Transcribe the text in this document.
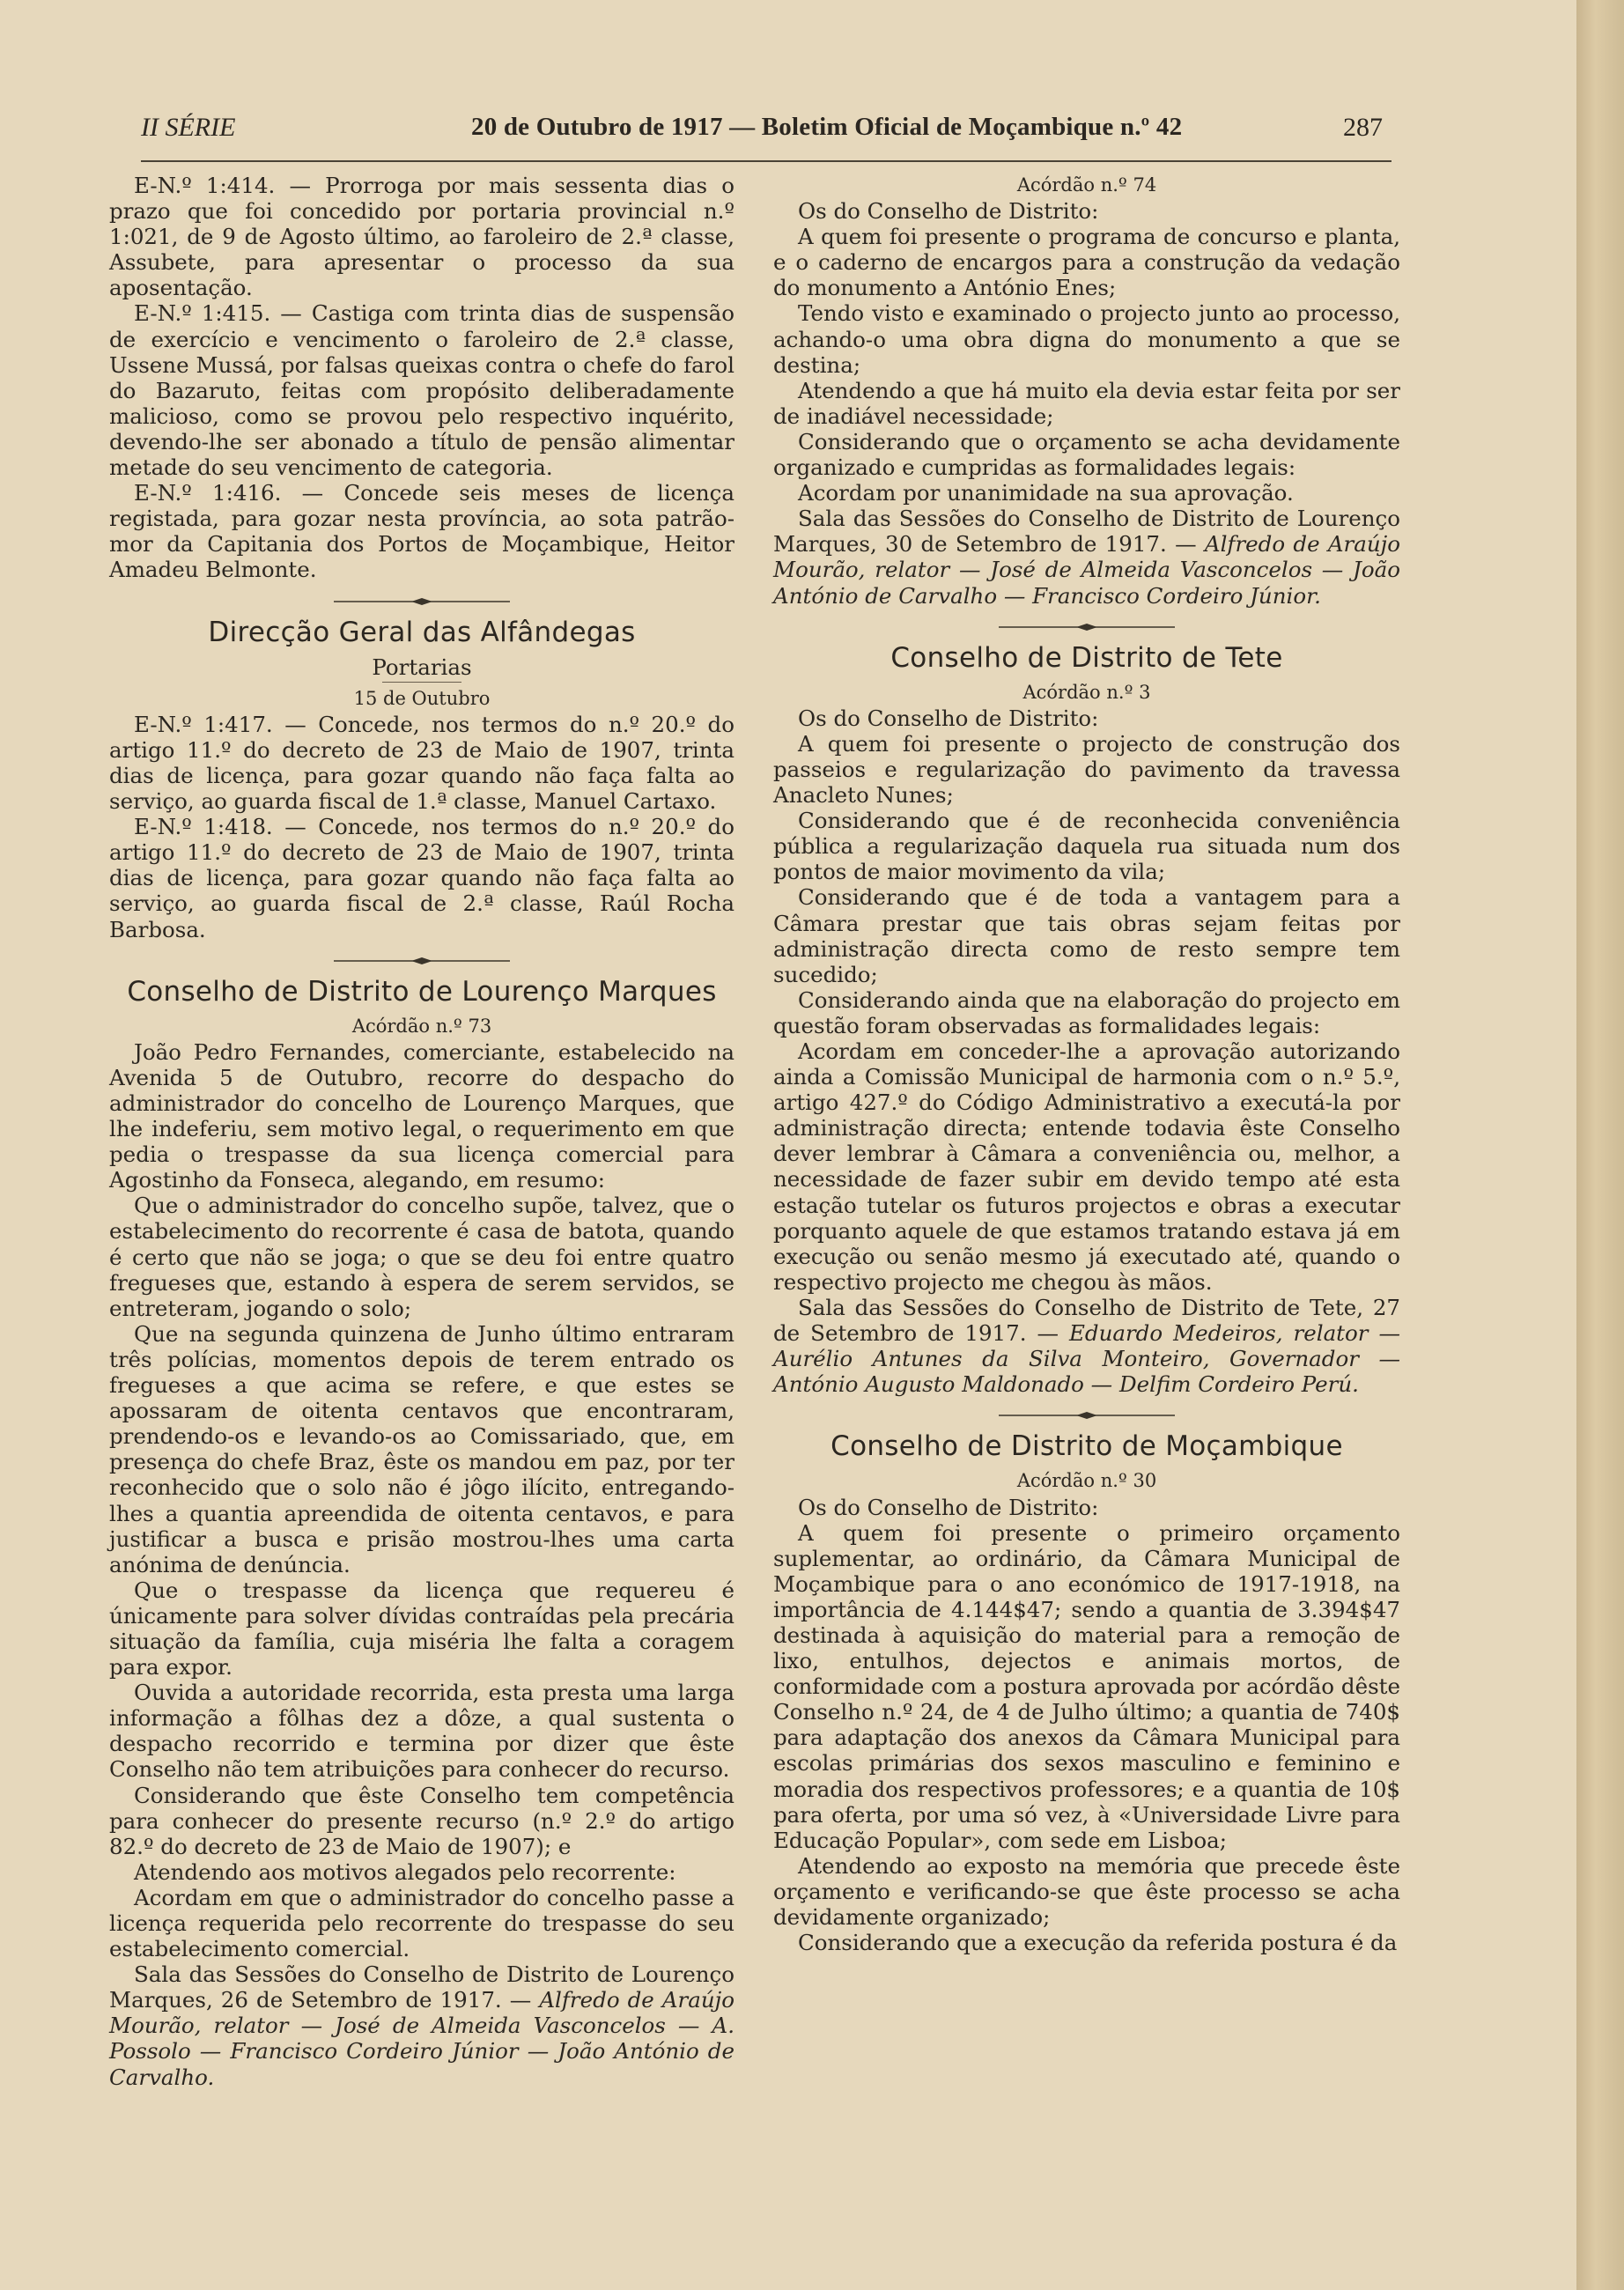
II SÉRIE	20 de Outubro de 1917 — Boletim Oficial de Moçambique n.º 42	287

E-N.º 1:414. — Prorroga por mais sessenta dias o prazo que foi concedido por portaria provincial n.º 1:021, de 9 de Agosto último, ao faroleiro de 2.ª classe, Assubete, para apresentar o processo da sua aposentação.

E-N.º 1:415. — Castiga com trinta dias de suspensão de exercício e vencimento o faroleiro de 2.ª classe, Ussene Mussá, por falsas queixas contra o chefe do farol do Bazaruto, feitas com propósito deliberadamente malicioso, como se provou pelo respectivo inquérito, devendo-lhe ser abonado a título de pensão alimentar metade do seu vencimento de categoria.

E-N.º 1:416. — Concede seis meses de licença registada, para gozar nesta província, ao sota patrão-mor da Capitania dos Portos de Moçambique, Heitor Amadeu Belmonte.

Direcção Geral das Alfândegas

Portarias

15 de Outubro

E-N.º 1:417. — Concede, nos termos do n.º 20.º do artigo 11.º do decreto de 23 de Maio de 1907, trinta dias de licença, para gozar quando não faça falta ao serviço, ao guarda fiscal de 1.ª classe, Manuel Cartaxo.

E-N.º 1:418. — Concede, nos termos do n.º 20.º do artigo 11.º do decreto de 23 de Maio de 1907, trinta dias de licença, para gozar quando não faça falta ao serviço, ao guarda fiscal de 2.ª classe, Raúl Rocha Barbosa.

Conselho de Distrito de Lourenço Marques

Acórdão n.º 73

João Pedro Fernandes, comerciante, estabelecido na Avenida 5 de Outubro, recorre do despacho do administrador do concelho de Lourenço Marques, que lhe indeferiu, sem motivo legal, o requerimento em que pedia o trespasse da sua licença comercial para Agostinho da Fonseca, alegando, em resumo:

Que o administrador do concelho supõe, talvez, que o estabelecimento do recorrente é casa de batota, quando é certo que não se joga; o que se deu foi entre quatro fregueses que, estando à espera de serem servidos, se entreteram, jogando o solo;

Que na segunda quinzena de Junho último entraram três polícias, momentos depois de terem entrado os fregueses a que acima se refere, e que estes se apossaram de oitenta centavos que encontraram, prendendo-os e levando-os ao Comissariado, que, em presença do chefe Braz, êste os mandou em paz, por ter reconhecido que o solo não é jôgo ilícito, entregando-lhes a quantia apreendida de oitenta centavos, e para justificar a busca e prisão mostrou-lhes uma carta anónima de denúncia.

Que o trespasse da licença que requereu é únicamente para solver dívidas contraídas pela precária situação da família, cuja miséria lhe falta a coragem para expor.

Ouvida a autoridade recorrida, esta presta uma larga informação a fôlhas dez a dôze, a qual sustenta o despacho recorrido e termina por dizer que êste Conselho não tem atribuições para conhecer do recurso.

Considerando que êste Conselho tem competência para conhecer do presente recurso (n.º 2.º do artigo 82.º do decreto de 23 de Maio de 1907); e

Atendendo aos motivos alegados pelo recorrente:

Acordam em que o administrador do concelho passe a licença requerida pelo recorrente do trespasse do seu estabelecimento comercial.

Sala das Sessões do Conselho de Distrito de Lourenço Marques, 26 de Setembro de 1917. — Alfredo de Araújo Mourão, relator — José de Almeida Vasconcelos — A. Possolo — Francisco Cordeiro Júnior — João António de Carvalho.

Acórdão n.º 74

Os do Conselho de Distrito:

A quem foi presente o programa de concurso e planta, e o caderno de encargos para a construção da vedação do monumento a António Enes;

Tendo visto e examinado o projecto junto ao processo, achando-o uma obra digna do monumento a que se destina;

Atendendo a que há muito ela devia estar feita por ser de inadiável necessidade;

Considerando que o orçamento se acha devidamente organizado e cumpridas as formalidades legais:

Acordam por unanimidade na sua aprovação.

Sala das Sessões do Conselho de Distrito de Lourenço Marques, 30 de Setembro de 1917. — Alfredo de Araújo Mourão, relator — José de Almeida Vasconcelos — João António de Carvalho — Francisco Cordeiro Júnior.

Conselho de Distrito de Tete

Acórdão n.º 3

Os do Conselho de Distrito:

A quem foi presente o projecto de construção dos passeios e regularização do pavimento da travessa Anacleto Nunes;

Considerando que é de reconhecida conveniência pública a regularização daquela rua situada num dos pontos de maior movimento da vila;

Considerando que é de toda a vantagem para a Câmara prestar que tais obras sejam feitas por administração directa como de resto sempre tem sucedido;

Considerando ainda que na elaboração do projecto em questão foram observadas as formalidades legais:

Acordam em conceder-lhe a aprovação autorizando ainda a Comissão Municipal de harmonia com o n.º 5.º, artigo 427.º do Código Administrativo a executá-la por administração directa; entende todavia êste Conselho dever lembrar à Câmara a conveniência ou, melhor, a necessidade de fazer subir em devido tempo até esta estação tutelar os futuros projectos e obras a executar porquanto aquele de que estamos tratando estava já em execução ou senão mesmo já executado até, quando o respectivo projecto me chegou às mãos.

Sala das Sessões do Conselho de Distrito de Tete, 27 de Setembro de 1917. — Eduardo Medeiros, relator — Aurélio Antunes da Silva Monteiro, Governador — António Augusto Maldonado — Delfim Cordeiro Perú.

Conselho de Distrito de Moçambique

Acórdão n.º 30

Os do Conselho de Distrito:

A quem foi presente o primeiro orçamento suplementar, ao ordinário, da Câmara Municipal de Moçambique para o ano económico de 1917-1918, na importância de 4.144$47; sendo a quantia de 3.394$47 destinada à aquisição do material para a remoção de lixo, entulhos, dejectos e animais mortos, de conformidade com a postura aprovada por acórdão dêste Conselho n.º 24, de 4 de Julho último; a quantia de 740$ para adaptação dos anexos da Câmara Municipal para escolas primárias dos sexos masculino e feminino e moradia dos respectivos professores; e a quantia de 10$ para oferta, por uma só vez, à «Universidade Livre para Educação Popular», com sede em Lisboa;

Atendendo ao exposto na memória que precede êste orçamento e verificando-se que êste processo se acha devidamente organizado;

Considerando que a execução da referida postura é da
